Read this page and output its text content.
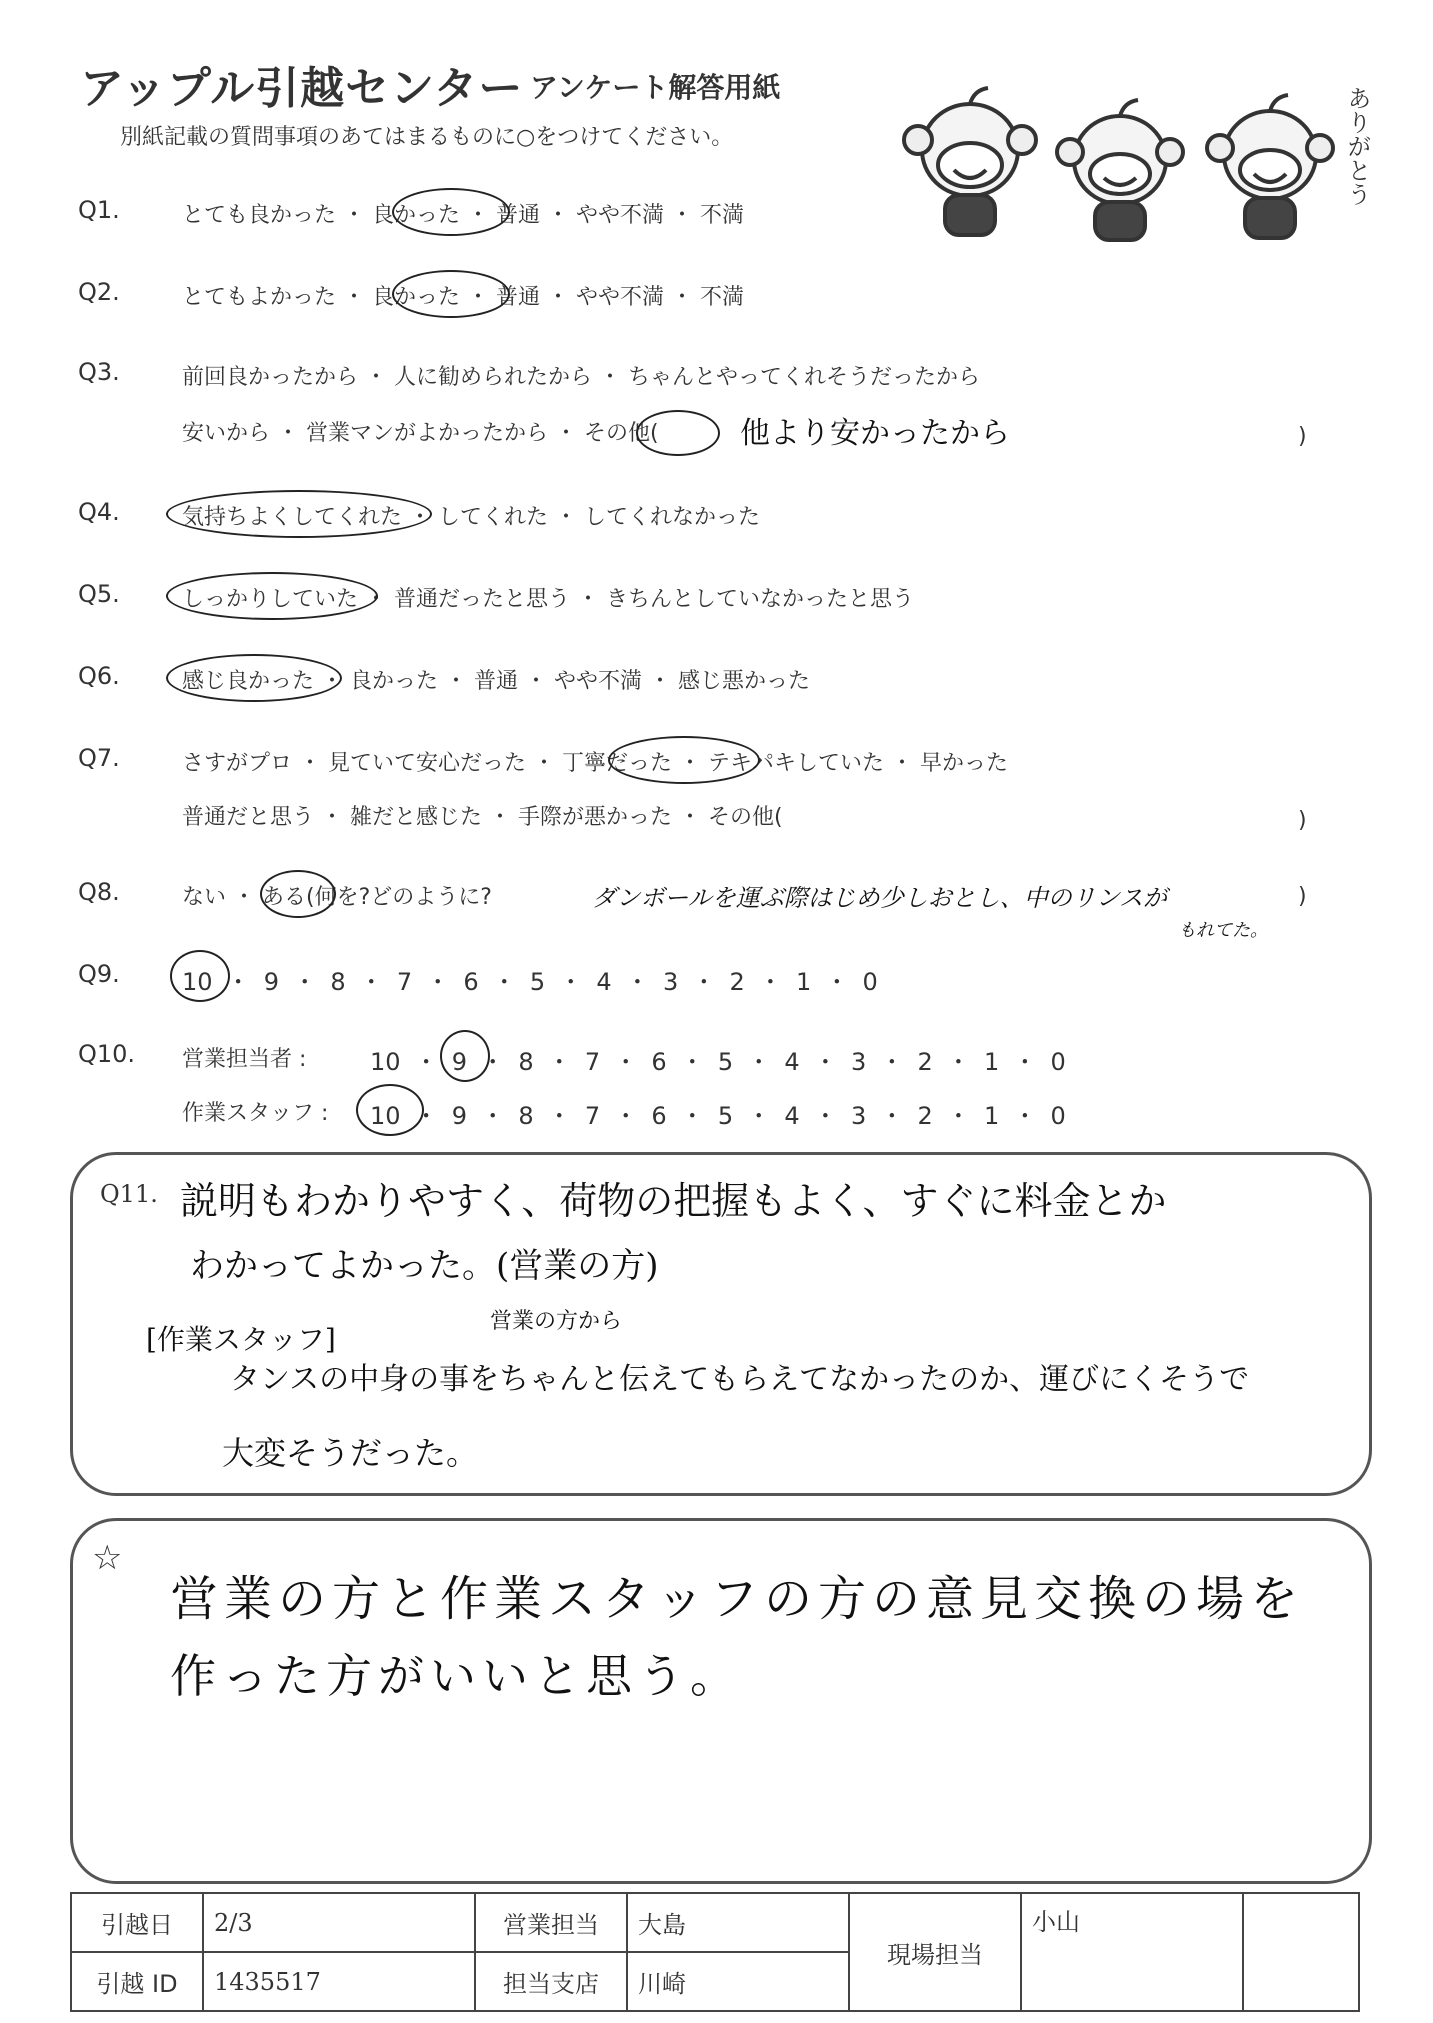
アップル引越センター アンケート解答用紙
別紙記載の質問事項のあてはまるものに○をつけてください。	ありがとう
Q1.	とても良かった ・ 良かった ・ 普通 ・ やや不満 ・ 不満
Q2.	とてもよかった ・ 良かった ・ 普通 ・ やや不満 ・ 不満
Q3.	前回良かったから ・ 人に勧められたから ・ ちゃんとやってくれそうだったから
安いから ・ 営業マンがよかったから ・ その他(	他より安かったから	)
Q4.	気持ちよくしてくれた ・ してくれた ・ してくれなかった
Q5.	しっかりしていた ・ 普通だったと思う ・ きちんとしていなかったと思う
Q6.	感じ良かった ・ 良かった ・ 普通 ・ やや不満 ・ 感じ悪かった
Q7.	さすがプロ ・ 見ていて安心だった ・ 丁寧だった ・ テキパキしていた ・ 早かった
普通だと思う ・ 雑だと感じた ・ 手際が悪かった ・ その他(	)
Q8.	ない ・ ある(何を?どのように?	ダンボールを運ぶ際はじめ少しおとし、中のリンスが
もれてた。
)
Q9.	10 ・ 9 ・ 8 ・ 7 ・ 6 ・ 5 ・ 4 ・ 3 ・ 2 ・ 1 ・ 0
Q10. 営業担当者 :	10 ・ 9 ・ 8 ・ 7 ・ 6 ・ 5 ・ 4 ・ 3 ・ 2 ・ 1 ・ 0
作業スタッフ : 10 ・ 9 ・ 8 ・ 7 ・ 6 ・ 5 ・ 4 ・ 3 ・ 2 ・ 1 ・ 0
Q11. 説明もわかりやすく、荷物の把握もよく、すぐに料金とか
わかってよかった。(営業の方)
[作業スタッフ]
営業の方から
タンスの中身の事をちゃんと伝えてもらえてなかったのか、運びにくそうで
大変そうだった。
☆
営業の方と作業スタッフの方の意見交換の場を
作った方がいいと思う。
引越日	2/3	営業担当	大島	現場担当	小山	
引越 ID	1435517	担当支店	川崎			
